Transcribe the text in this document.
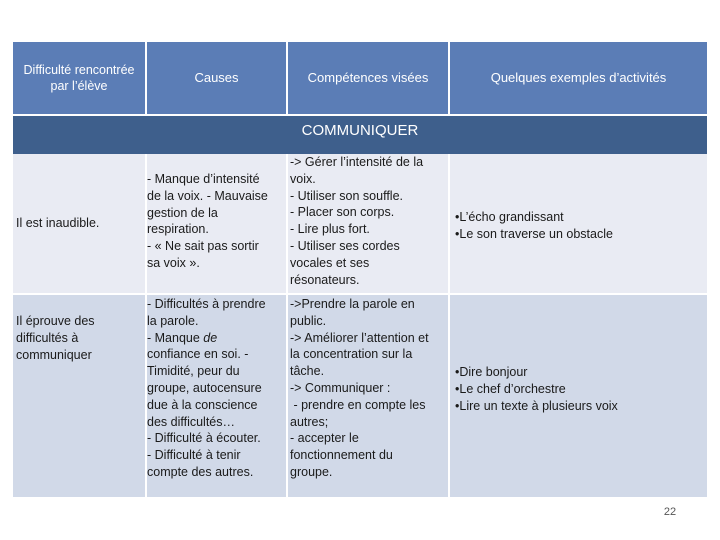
Difficulté rencontrée par l’élève
Causes	Compétences visées	Quelques exemples d’activités
COMMUNIQUER
Il est inaudible.
- Manque d’intensité
de la voix. - Mauvaise
gestion de la
respiration.
- « Ne sait pas sortir
sa voix ».
-> Gérer l’intensité de la
voix.
- Utiliser son souffle.
- Placer son corps.
- Lire plus fort.
- Utiliser ses cordes
vocales et ses
résonateurs.
•L’écho grandissant
•Le son traverse un obstacle
Il éprouve des
difficultés à
communiquer
- Difficultés à prendre
la parole.
- Manque de
confiance en soi. -
Timidité, peur du
groupe, autocensure
due à la conscience
des difficultés…
- Difficulté à écouter.
- Difficulté à tenir
compte des autres.
->Prendre la parole en
public.
-> Améliorer l’attention et
la concentration sur la
tâche.
-> Communiquer :
- prendre en compte les
autres;
- accepter le
fonctionnement du
groupe.
•Dire bonjour
•Le chef d’orchestre
•Lire un texte à plusieurs voix
22
